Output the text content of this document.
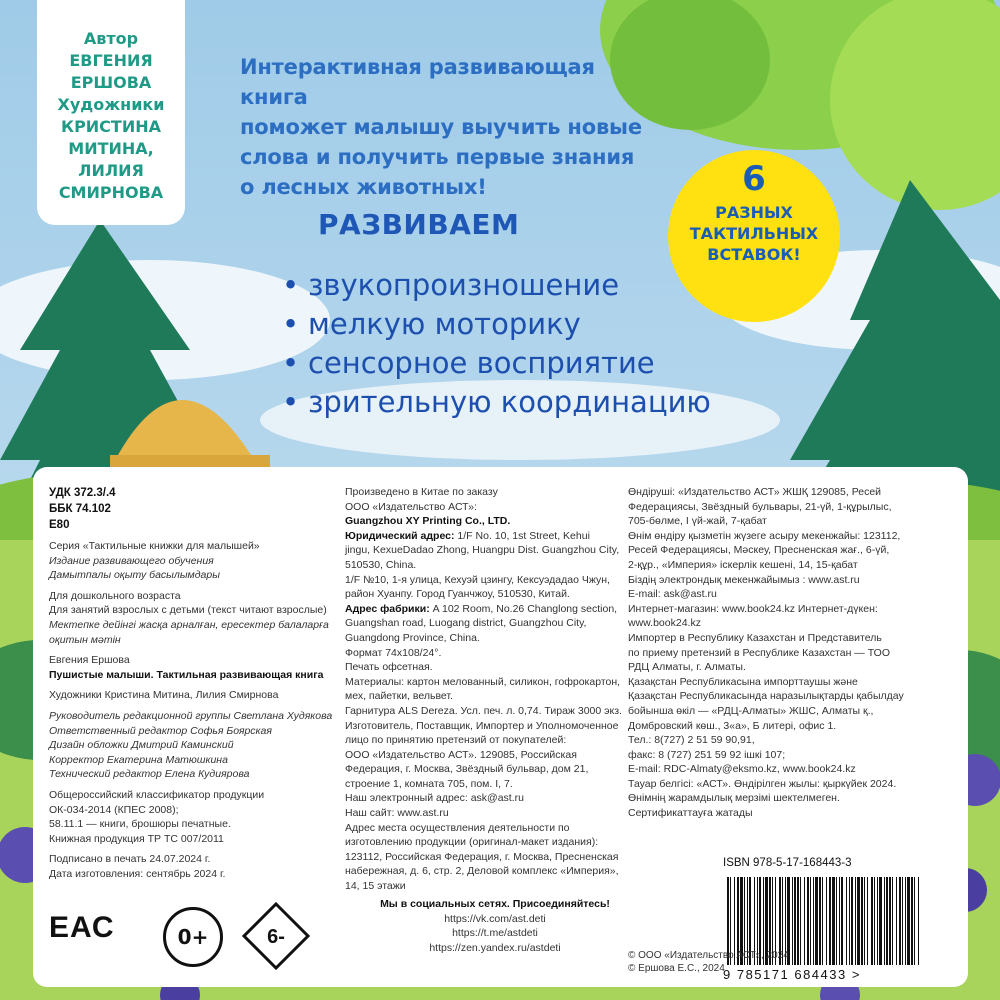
Автор
ЕВГЕНИЯ
ЕРШОВА
Художники
КРИСТИНА
МИТИНА,
ЛИЛИЯ
СМИРНОВА
Интерактивная развивающая книга
поможет малышу выучить новые
слова и получить первые знания
о лесных животных!	6
РАЗНЫХ
ТАКТИЛЬНЫХ
ВСТАВОК!
РАЗВИВАЕМ
• звукопроизношение
• мелкую моторику
• сенсорное восприятие
• зрительную координацию
УДК 372.3/.4
ББК 74.102
Е80
Серия «Тактильные книжки для малышей»
Издание развивающего обучения
Дамытпалы оқыту басылымдары
Для дошкольного возраста
Для занятий взрослых с детьми (текст читают взрослые)
Мектепке дейінгі жасқа арналған, ересектер балаларға
оқитын мәтін
Евгения Ершова
Пушистые малыши. Тактильная развивающая книга
Художники Кристина Митина, Лилия Смирнова
Руководитель редакционной группы Светлана Худякова
Ответственный редактор Софья Боярская
Дизайн обложки Дмитрий Каминский
Корректор Екатерина Матюшкина
Технический редактор Елена Кудиярова
Общероссийский классификатор продукции
ОК-034-2014 (КПЕС 2008);
58.11.1 — книги, брошюры печатные.
Книжная продукция ТР ТС 007/2011
Подписано в печать 24.07.2024 г.
Дата изготовления: сентябрь 2024 г.
Произведено в Китае по заказу
ООО «Издательство АСТ»:
Guangzhou XY Printing Co., LTD.
Юридический адрес: 1/F No. 10, 1st Street, Kehui
jingu, KexueDadao Zhong, Huangpu Dist. Guangzhou City,
510530, China.
1/F №10, 1-я улица, Кехуэй цзингу, Кексуэдадао Чжун,
район Хуанпу. Город Гуанчжоу, 510530, Китай.
Адрес фабрики: A 102 Room, No.26 Changlong section,
Guangshan road, Luogang district, Guangzhou City,
Guangdong Province, China.
Формат 74x108/24°.
Печать офсетная.
Материалы: картон мелованный, силикон, гофрокартон,
мех, пайетки, вельвет.
Гарнитура ALS Dereza. Усл. печ. л. 0,74. Тираж 3000 экз.
Изготовитель, Поставщик, Импортер и Уполномоченное
лицо по принятию претензий от покупателей:
ООО «Издательство АСТ». 129085, Российская
Федерация, г. Москва, Звёздный бульвар, дом 21,
строение 1, комната 705, пом. I, 7.
Наш электронный адрес: ask@ast.ru
Наш сайт: www.ast.ru
Адрес места осуществления деятельности по
изготовлению продукции (оригинал-макет издания):
123112, Российская Федерация, г. Москва, Пресненская
набережная, д. 6, стр. 2, Деловой комплекс «Империя»,
14, 15 этажи
Өндіруші: «Издательство АСТ» ЖШҚ 129085, Ресей
Федерациясы, Звёздный бульвары, 21-үй, 1-құрылыс,
705-бөлме, І үй-жай, 7-қабат
Өнім өндіру қызметін жүзеге асыру мекенжайы: 123112,
Ресей Федерациясы, Мәскеу, Пресненская жағ., 6-үй,
2-құр., «Империя» іскерлік кешені, 14, 15-қабат
Біздің электрондық мекенжайымыз : www.ast.ru
E-mail: ask@ast.ru
Интернет-магазин: www.book24.kz Интернет-дүкен:
www.book24.kz
Импортер в Республику Казахстан и Представитель
по приему претензий в Республике Казахстан — ТОО
РДЦ Алматы, г. Алматы.
Қазақстан Республикасына импорттаушы және
Қазақстан Республикасында наразылықтарды қабылдау
бойынша өкіл — «РДЦ-Алматы» ЖШС, Алматы қ.,
Домбровский көш., 3«а», Б литері, офис 1.
Тел.: 8(727) 2 51 59 90,91,
факс: 8 (727) 251 59 92 ішкі 107;
E-mail: RDC-Almaty@eksmo.kz, www.book24.kz
Тауар белгісі: «АСТ». Өндірілген жылы: қыркүйек 2024.
Өнімнің жарамдылық мерзімі шектелмеген.
Сертификаттауға жатады
Мы в социальных сетях. Присоединяйтесь!
https://vk.com/ast.deti
https://t.me/astdeti
https://zen.yandex.ru/astdeti
ЕАС	0+	6-
ISBN 978-5-17-168443-3
9 785171 684433 >
© ООО «Издательство АСТ», 2024
© Ершова Е.С., 2024
